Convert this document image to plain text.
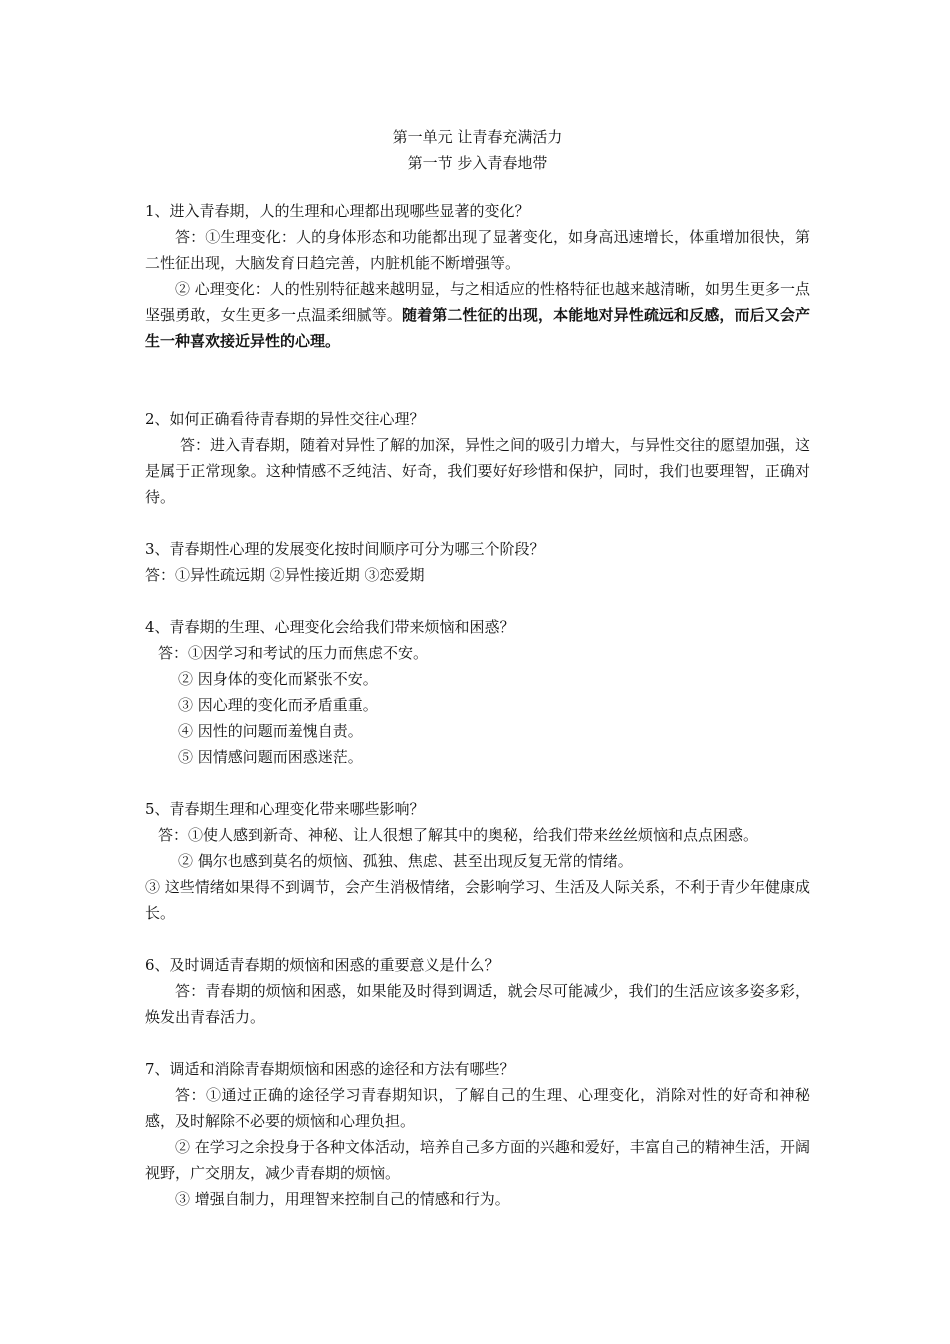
第一单元 让青春充满活力

第一节 步入青春地带

1、进入青春期，人的生理和心理都出现哪些显著的变化？

答：①生理变化：人的身体形态和功能都出现了显著变化，如身高迅速增长，体重增加很快，第二性征出现，大脑发育日趋完善，内脏机能不断增强等。

② 心理变化：人的性别特征越来越明显，与之相适应的性格特征也越来越清晰，如男生更多一点坚强勇敢，女生更多一点温柔细腻等。随着第二性征的出现，本能地对异性疏远和反感，而后又会产生一种喜欢接近异性的心理。

2、如何正确看待青春期的异性交往心理？

答：进入青春期，随着对异性了解的加深，异性之间的吸引力增大，与异性交往的愿望加强，这是属于正常现象。这种情感不乏纯洁、好奇，我们要好好珍惜和保护，同时，我们也要理智，正确对待。

3、青春期性心理的发展变化按时间顺序可分为哪三个阶段？

答：①异性疏远期 ②异性接近期 ③恋爱期

4、青春期的生理、心理变化会给我们带来烦恼和困惑？

答：①因学习和考试的压力而焦虑不安。

② 因身体的变化而紧张不安。

③ 因心理的变化而矛盾重重。

④ 因性的问题而羞愧自责。

⑤ 因情感问题而困惑迷茫。

5、青春期生理和心理变化带来哪些影响？

答：①使人感到新奇、神秘、让人很想了解其中的奥秘，给我们带来丝丝烦恼和点点困惑。

② 偶尔也感到莫名的烦恼、孤独、焦虑、甚至出现反复无常的情绪。

③ 这些情绪如果得不到调节，会产生消极情绪，会影响学习、生活及人际关系，不利于青少年健康成长。

6、及时调适青春期的烦恼和困惑的重要意义是什么？

答：青春期的烦恼和困惑，如果能及时得到调适，就会尽可能减少，我们的生活应该多姿多彩，焕发出青春活力。

7、调适和消除青春期烦恼和困惑的途径和方法有哪些？

答：①通过正确的途径学习青春期知识，了解自己的生理、心理变化，消除对性的好奇和神秘感，及时解除不必要的烦恼和心理负担。

② 在学习之余投身于各种文体活动，培养自己多方面的兴趣和爱好，丰富自己的精神生活，开阔视野，广交朋友，减少青春期的烦恼。

③ 增强自制力，用理智来控制自己的情感和行为。
